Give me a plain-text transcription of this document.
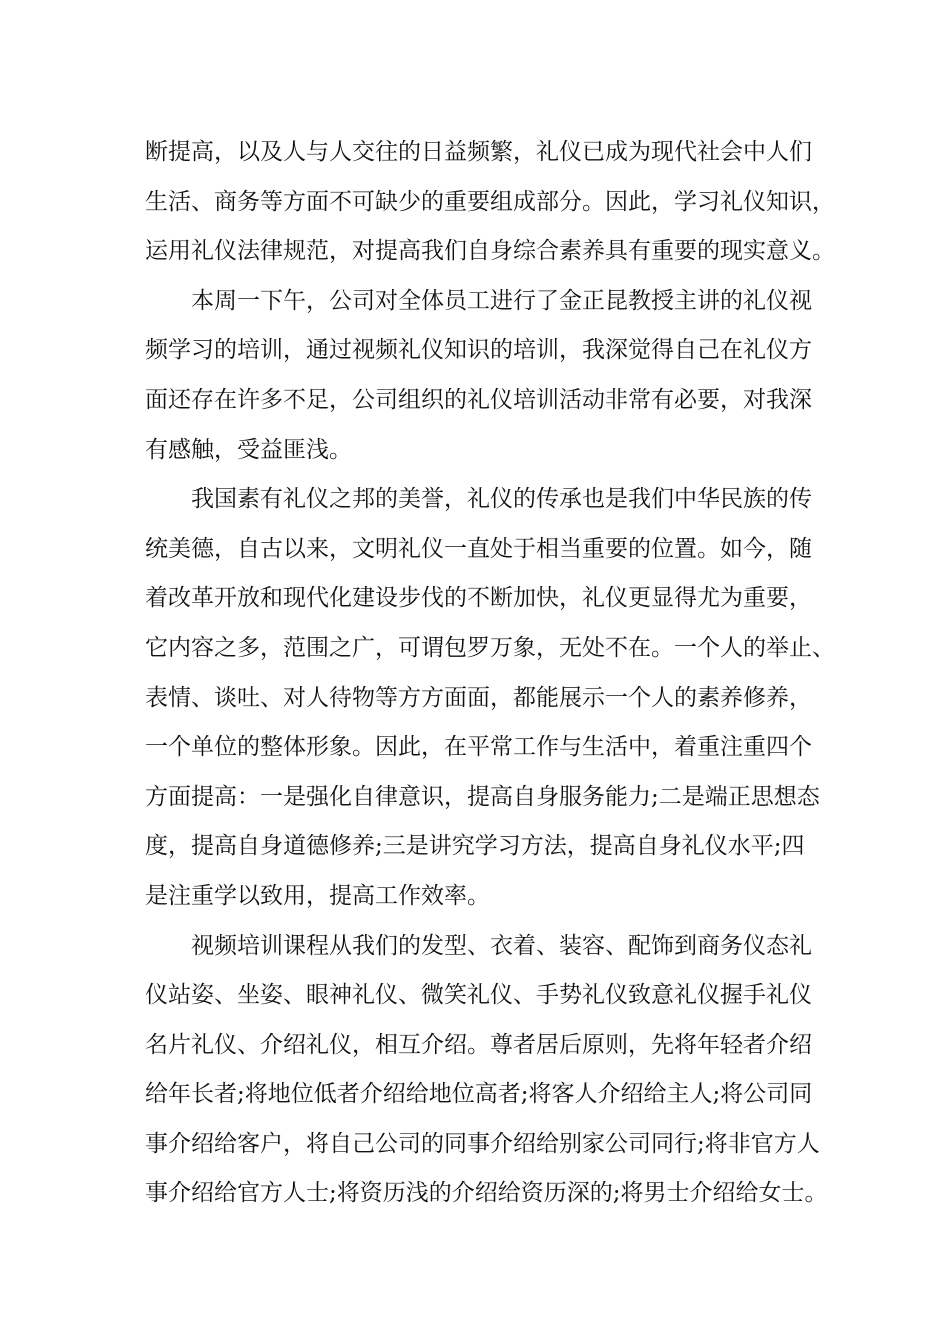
断提高，以及人与人交往的日益频繁，礼仪已成为现代社会中人们
生活、商务等方面不可缺少的重要组成部分。因此，学习礼仪知识，
运用礼仪法律规范，对提高我们自身综合素养具有重要的现实意义。
本周一下午，公司对全体员工进行了金正昆教授主讲的礼仪视
频学习的培训，通过视频礼仪知识的培训，我深觉得自己在礼仪方
面还存在许多不足，公司组织的礼仪培训活动非常有必要，对我深
有感触，受益匪浅。
我国素有礼仪之邦的美誉，礼仪的传承也是我们中华民族的传
统美德，自古以来，文明礼仪一直处于相当重要的位置。如今，随
着改革开放和现代化建设步伐的不断加快，礼仪更显得尤为重要，
它内容之多，范围之广，可谓包罗万象，无处不在。一个人的举止、
表情、谈吐、对人待物等方方面面，都能展示一个人的素养修养，
一个单位的整体形象。因此，在平常工作与生活中，着重注重四个
方面提高：一是强化自律意识，提高自身服务能力;二是端正思想态
度，提高自身道德修养;三是讲究学习方法，提高自身礼仪水平;四
是注重学以致用，提高工作效率。
视频培训课程从我们的发型、衣着、装容、配饰到商务仪态礼
仪站姿、坐姿、眼神礼仪、微笑礼仪、手势礼仪致意礼仪握手礼仪
名片礼仪、介绍礼仪，相互介绍。尊者居后原则，先将年轻者介绍
给年长者;将地位低者介绍给地位高者;将客人介绍给主人;将公司同
事介绍给客户，将自己公司的同事介绍给别家公司同行;将非官方人
事介绍给官方人士;将资历浅的介绍给资历深的;将男士介绍给女士。
